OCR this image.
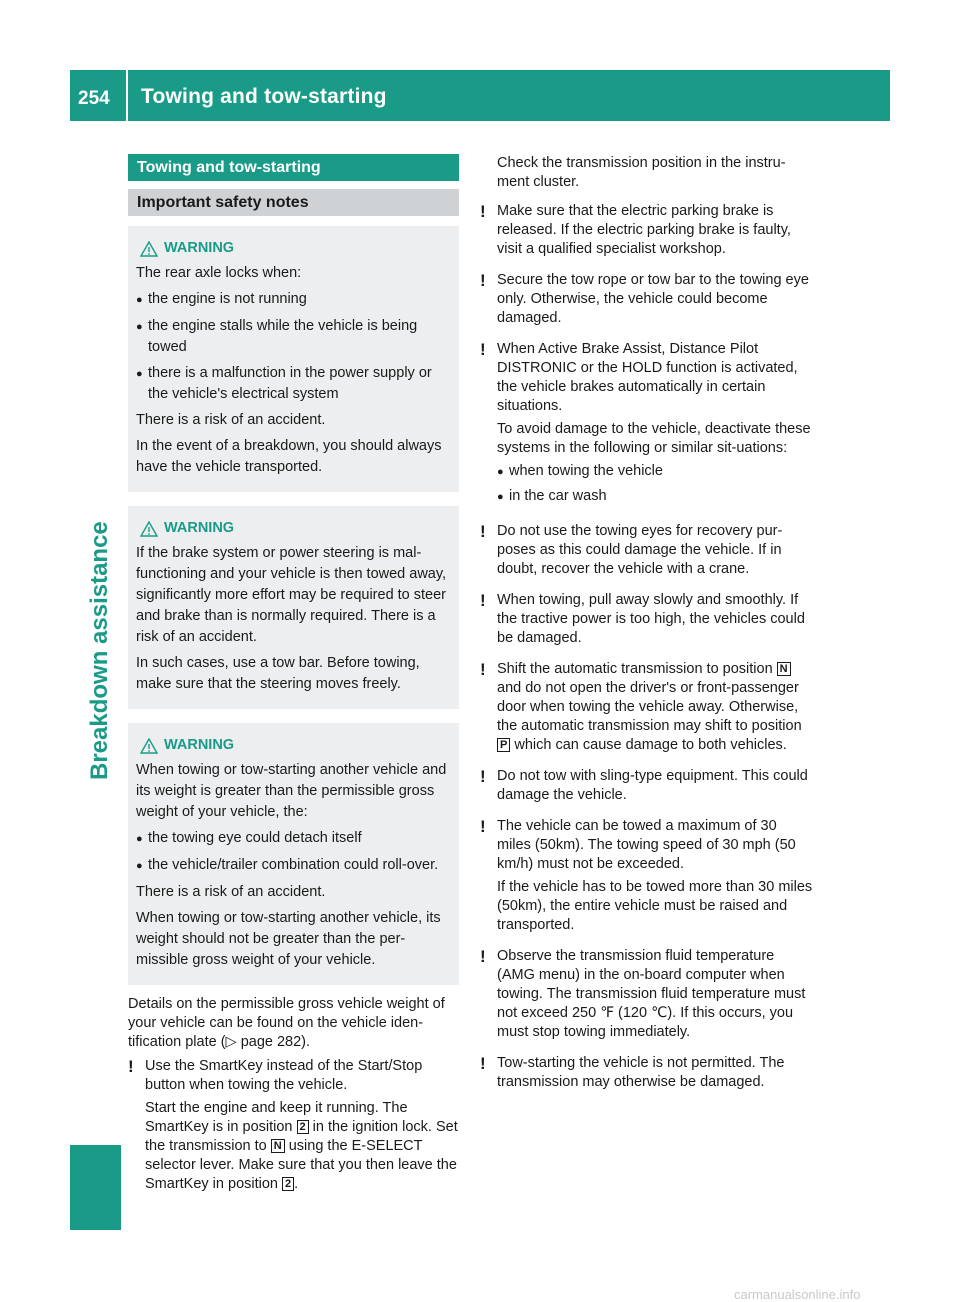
254 Towing and tow-starting
Breakdown assistance
Towing and tow-starting
Important safety notes
WARNING

The rear axle locks when:

● the engine is not running
● the engine stalls while the vehicle is being towed
● there is a malfunction in the power supply or the vehicle's electrical system

There is a risk of an accident.

In the event of a breakdown, you should always have the vehicle transported.

WARNING

If the brake system or power steering is mal-functioning and your vehicle is then towed away, significantly more effort may be required to steer and brake than is normally required. There is a risk of an accident.

In such cases, use a tow bar. Before towing, make sure that the steering moves freely.

WARNING

When towing or tow-starting another vehicle and its weight is greater than the permissible gross weight of your vehicle, the:

● the towing eye could detach itself
● the vehicle/trailer combination could roll-over.

There is a risk of an accident.

When towing or tow-starting another vehicle, its weight should not be greater than the per-missible gross weight of your vehicle.

Details on the permissible gross vehicle weight of your vehicle can be found on the vehicle iden-tification plate (▷ page 282).

! Use the SmartKey instead of the Start/Stop button when towing the vehicle.

Start the engine and keep it running. The SmartKey is in position 2 in the ignition lock. Set the transmission to N using the E-SELECT selector lever. Make sure that you then leave the SmartKey in position 2 .

Check the transmission position in the instru-ment cluster.

! Make sure that the electric parking brake is released. If the electric parking brake is faulty, visit a qualified specialist workshop.

! Secure the tow rope or tow bar to the towing eye only. Otherwise, the vehicle could become damaged.

! When Active Brake Assist, Distance Pilot DISTRONIC or the HOLD function is activated, the vehicle brakes automatically in certain situations.

To avoid damage to the vehicle, deactivate these systems in the following or similar sit-uations:

● when towing the vehicle
● in the car wash
! Do not use the towing eyes for recovery pur-poses as this could damage the vehicle. If in doubt, recover the vehicle with a crane.

! When towing, pull away slowly and smoothly. If the tractive power is too high, the vehicles could be damaged.

! Shift the automatic transmission to position N and do not open the driver's or front-passenger door when towing the vehicle away. Otherwise, the automatic transmission may shift to position P which can cause damage to both vehicles.

! Do not tow with sling-type equipment. This could damage the vehicle.

! The vehicle can be towed a maximum of 30 miles (50km). The towing speed of 30 mph (50 km/h) must not be exceeded.

If the vehicle has to be towed more than 30 miles (50km), the entire vehicle must be raised and transported.

! Observe the transmission fluid temperature (AMG menu) in the on-board computer when towing. The transmission fluid temperature must not exceed 250 ℉ (120 ℃). If this occurs, you must stop towing immediately.

! Tow-starting the vehicle is not permitted. The transmission may otherwise be damaged.

carmanualsonline.info
